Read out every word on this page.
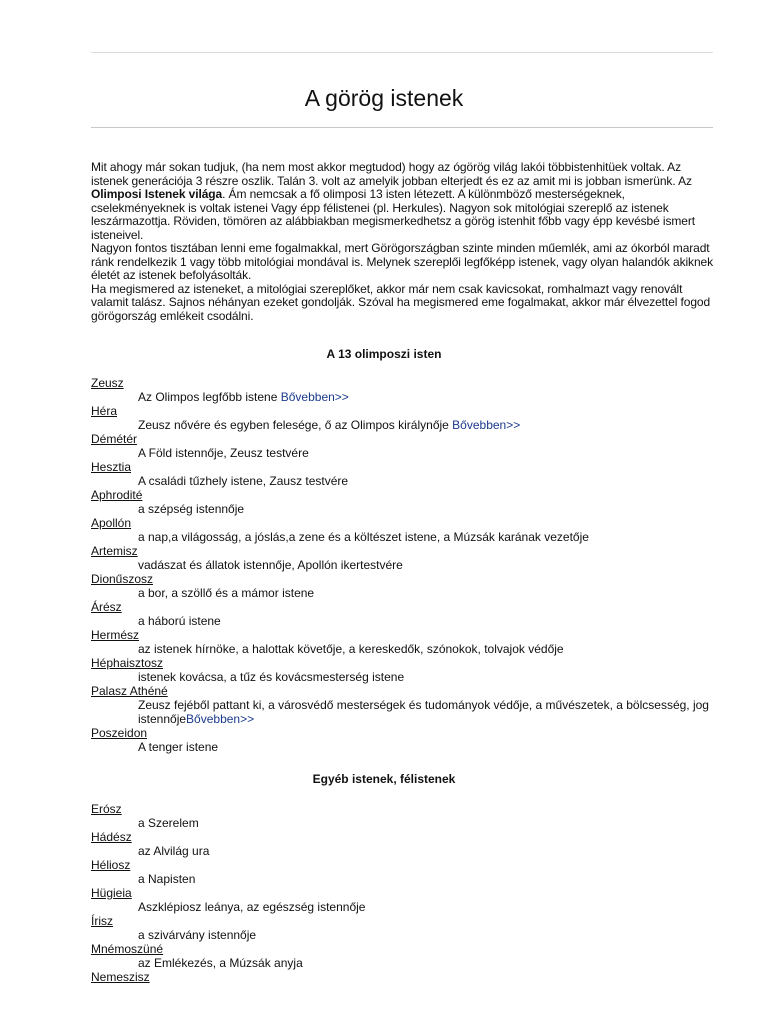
A görög istenek
Mit ahogy már sokan tudjuk, (ha nem most akkor megtudod) hogy az ógörög világ lakói többistenhitüek voltak. Az istenek generációja 3 részre oszlik. Talán 3. volt az amelyik jobban elterjedt és ez az amit mi is jobban ismerünk. Az Olimposi Istenek világa. Ám nemcsak a fő olimposi 13 isten létezett. A különmböző mesterségeknek, cselekményeknek is voltak istenei Vagy épp félistenei (pl. Herkules). Nagyon sok mitológiai szereplő az istenek leszármazottja. Röviden, tömören az alábbiakban megismerkedhetsz a görög istenhit főbb vagy épp kevésbé ismert isteneivel.
Nagyon fontos tisztában lenni eme fogalmakkal, mert Görögországban szinte minden műemlék, ami az ókorból maradt ránk rendelkezik 1 vagy több mitológiai mondával is. Melynek szereplői legfőképp istenek, vagy olyan halandók akiknek életét az istenek befolyásolták.
Ha megismered az isteneket, a mitológiai szereplőket, akkor már nem csak kavicsokat, romhalmazt vagy renovált valamit talász. Sajnos néhányan ezeket gondolják. Szóval ha megismered eme fogalmakat, akkor már élvezettel fogod görögország emlékeit csodálni.
A 13 olimposzi isten
Zeusz
Az Olimpos legfőbb istene Bővebben>>
Héra
Zeusz nővére és egyben felesége, ő az Olimpos királynője Bővebben>>
Démétér
A Föld istennője, Zeusz testvére
Hesztia
A családi tűzhely istene, Zausz testvére
Aphrodité
a szépség istennője
Apollón
a nap,a világosság, a jóslás,a zene és a költészet istene, a Múzsák karának vezetője
Artemisz
vadászat és állatok istennője, Apollón ikertestvére
Dionűszosz
a bor, a szöllő és a mámor istene
Árész
a háború istene
Hermész
az istenek hírnöke, a halottak követője, a kereskedők, szónokok, tolvajok védője
Héphaisztosz
istenek kovácsa, a tűz és kovácsmesterség istene
Palasz Athéné
Zeusz fejéből pattant ki, a városvédő mesterségek és tudományok védője, a művészetek, a bölcsesség, jog istennőjeBővebben>>
Poszeidon
A tenger istene
Egyéb istenek, félistenek
Erósz
a Szerelem
Hádész
az Alvilág ura
Héliosz
a Napisten
Hügieia
Aszklépiosz leánya, az egészség istennője
Írisz
a szivárvány istennője
Mnémoszüné
az Emlékezés, a Múzsák anyja
Nemeszisz
